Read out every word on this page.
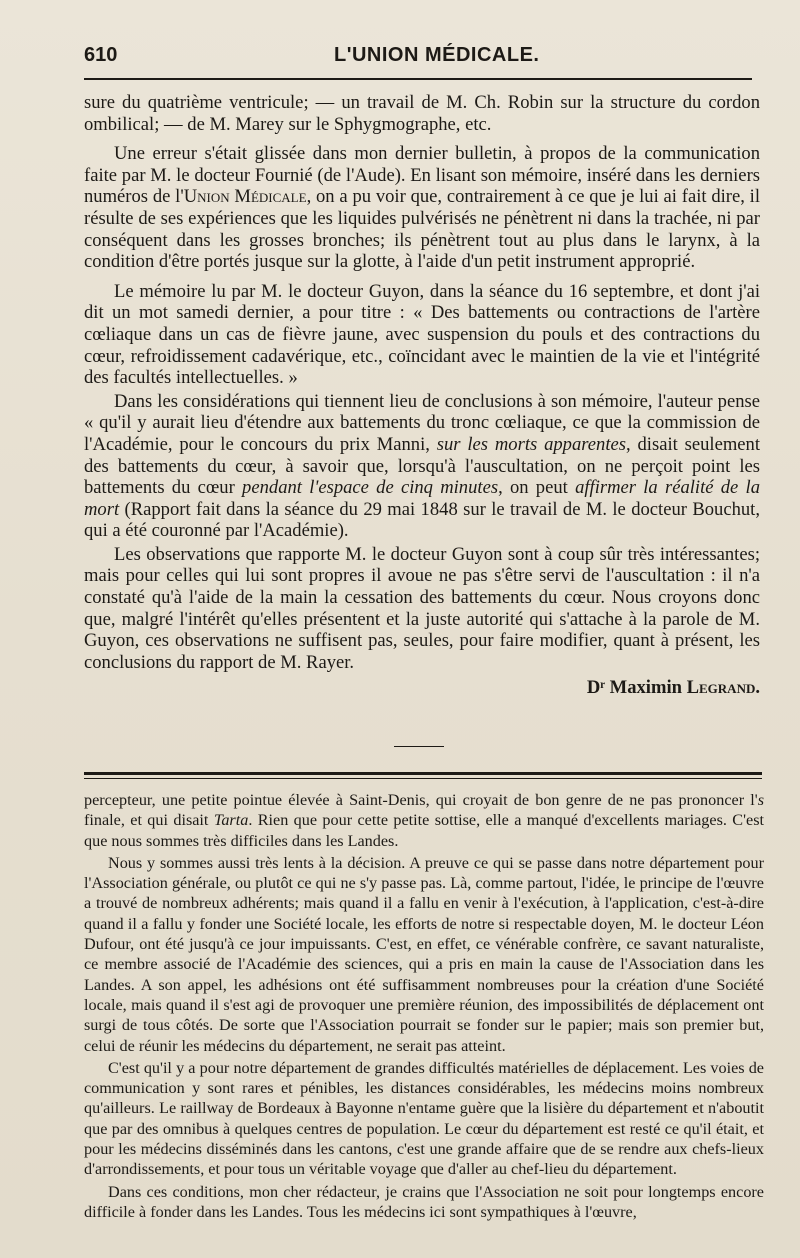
610	L'UNION MÉDICALE.

sure du quatrième ventricule; — un travail de M. Ch. Robin sur la structure du cordon ombilical; — de M. Marey sur le Sphygmographe, etc.

Une erreur s'était glissée dans mon dernier bulletin, à propos de la communication faite par M. le docteur Fournié (de l'Aude). En lisant son mémoire, inséré dans les derniers numéros de l'Union Médicale, on a pu voir que, contrairement à ce que je lui ai fait dire, il résulte de ses expériences que les liquides pulvérisés ne pénètrent ni dans la trachée, ni par conséquent dans les grosses bronches; ils pénètrent tout au plus dans le larynx, à la condition d'être portés jusque sur la glotte, à l'aide d'un petit instrument approprié.

Le mémoire lu par M. le docteur Guyon, dans la séance du 16 septembre, et dont j'ai dit un mot samedi dernier, a pour titre : « Des battements ou contractions de l'artère cœliaque dans un cas de fièvre jaune, avec suspension du pouls et des contractions du cœur, refroidissement cadavérique, etc., coïncidant avec le maintien de la vie et l'intégrité des facultés intellectuelles. »

Dans les considérations qui tiennent lieu de conclusions à son mémoire, l'auteur pense « qu'il y aurait lieu d'étendre aux battements du tronc cœliaque, ce que la commission de l'Académie, pour le concours du prix Manni, sur les morts apparentes, disait seulement des battements du cœur, à savoir que, lorsqu'à l'auscultation, on ne perçoit point les battements du cœur pendant l'espace de cinq minutes, on peut affirmer la réalité de la mort (Rapport fait dans la séance du 29 mai 1848 sur le travail de M. le docteur Bouchut, qui a été couronné par l'Académie).

Les observations que rapporte M. le docteur Guyon sont à coup sûr très intéressantes; mais pour celles qui lui sont propres il avoue ne pas s'être servi de l'auscultation : il n'a constaté qu'à l'aide de la main la cessation des battements du cœur. Nous croyons donc que, malgré l'intérêt qu'elles présentent et la juste autorité qui s'attache à la parole de M. Guyon, ces observations ne suffisent pas, seules, pour faire modifier, quant à présent, les conclusions du rapport de M. Rayer.

Dʳ Maximin Legrand.

percepteur, une petite pointue élevée à Saint-Denis, qui croyait de bon genre de ne pas prononcer l's finale, et qui disait Tarta. Rien que pour cette petite sottise, elle a manqué d'excellents mariages. C'est que nous sommes très difficiles dans les Landes.

Nous y sommes aussi très lents à la décision. A preuve ce qui se passe dans notre département pour l'Association générale, ou plutôt ce qui ne s'y passe pas. Là, comme partout, l'idée, le principe de l'œuvre a trouvé de nombreux adhérents; mais quand il a fallu en venir à l'exécution, à l'application, c'est-à-dire quand il a fallu y fonder une Société locale, les efforts de notre si respectable doyen, M. le docteur Léon Dufour, ont été jusqu'à ce jour impuissants. C'est, en effet, ce vénérable confrère, ce savant naturaliste, ce membre associé de l'Académie des sciences, qui a pris en main la cause de l'Association dans les Landes. A son appel, les adhésions ont été suffisamment nombreuses pour la création d'une Société locale, mais quand il s'est agi de provoquer une première réunion, des impossibilités de déplacement ont surgi de tous côtés. De sorte que l'Association pourrait se fonder sur le papier; mais son premier but, celui de réunir les médecins du département, ne serait pas atteint.

C'est qu'il y a pour notre département de grandes difficultés matérielles de déplacement. Les voies de communication y sont rares et pénibles, les distances considérables, les médecins moins nombreux qu'ailleurs. Le raillway de Bordeaux à Bayonne n'entame guère que la lisière du département et n'aboutit que par des omnibus à quelques centres de population. Le cœur du département est resté ce qu'il était, et pour les médecins disséminés dans les cantons, c'est une grande affaire que de se rendre aux chefs-lieux d'arrondissements, et pour tous un véritable voyage que d'aller au chef-lieu du département.

Dans ces conditions, mon cher rédacteur, je crains que l'Association ne soit pour longtemps encore difficile à fonder dans les Landes. Tous les médecins ici sont sympathiques à l'œuvre,
